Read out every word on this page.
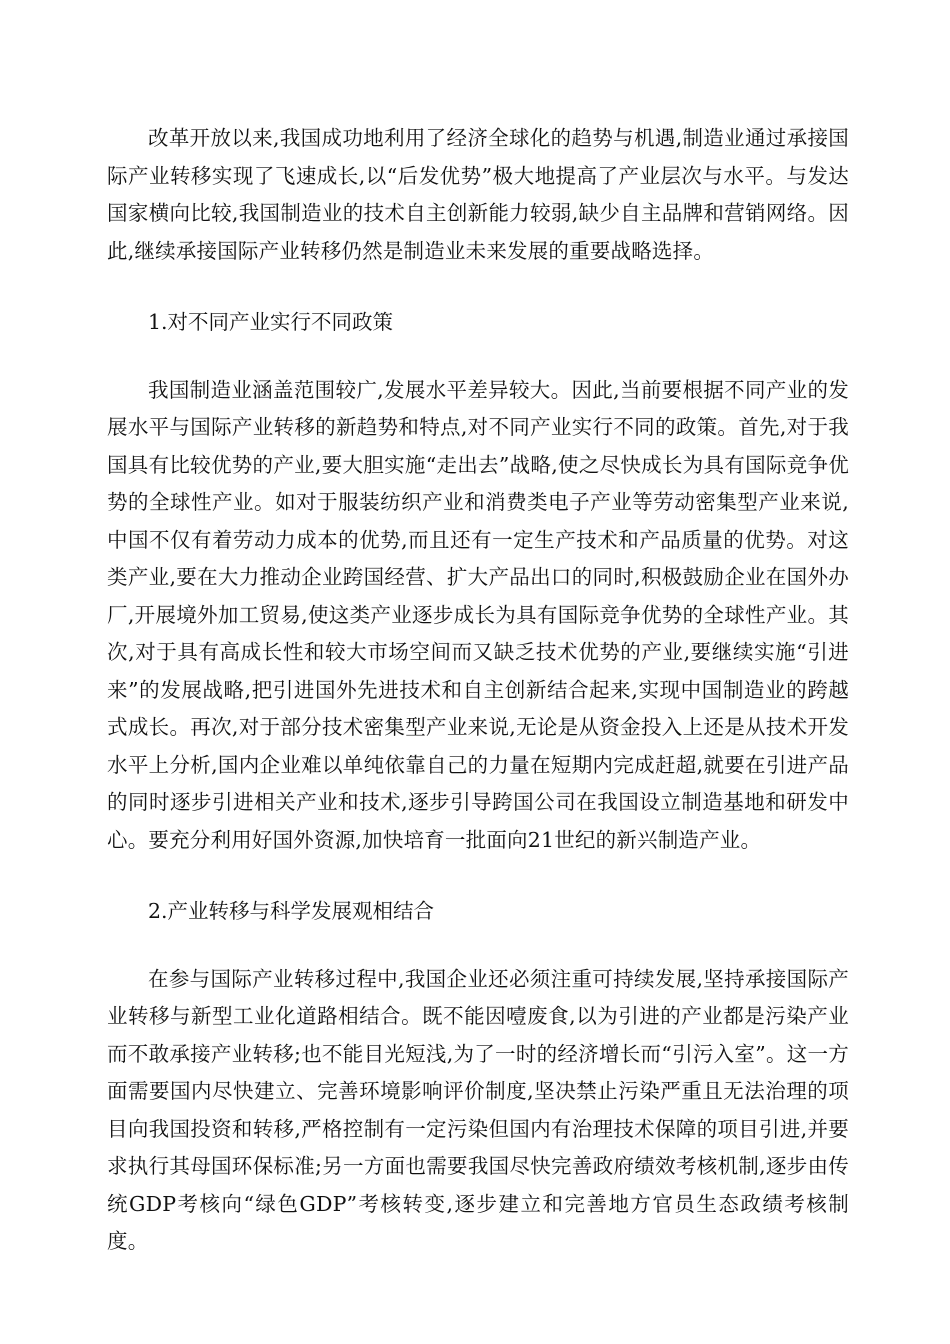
改革开放以来,我国成功地利用了经济全球化的趋势与机遇,制造业通过承接国际产业转移实现了飞速成长,以“后发优势”极大地提高了产业层次与水平。与发达国家横向比较,我国制造业的技术自主创新能力较弱,缺少自主品牌和营销网络。因此,继续承接国际产业转移仍然是制造业未来发展的重要战略选择。

1.对不同产业实行不同政策

我国制造业涵盖范围较广,发展水平差异较大。因此,当前要根据不同产业的发展水平与国际产业转移的新趋势和特点,对不同产业实行不同的政策。首先,对于我国具有比较优势的产业,要大胆实施“走出去”战略,使之尽快成长为具有国际竞争优势的全球性产业。如对于服装纺织产业和消费类电子产业等劳动密集型产业来说,中国不仅有着劳动力成本的优势,而且还有一定生产技术和产品质量的优势。对这类产业,要在大力推动企业跨国经营、扩大产品出口的同时,积极鼓励企业在国外办厂,开展境外加工贸易,使这类产业逐步成长为具有国际竞争优势的全球性产业。其次,对于具有高成长性和较大市场空间而又缺乏技术优势的产业,要继续实施“引进来”的发展战略,把引进国外先进技术和自主创新结合起来,实现中国制造业的跨越式成长。再次,对于部分技术密集型产业来说,无论是从资金投入上还是从技术开发水平上分析,国内企业难以单纯依靠自己的力量在短期内完成赶超,就要在引进产品的同时逐步引进相关产业和技术,逐步引导跨国公司在我国设立制造基地和研发中心。要充分利用好国外资源,加快培育一批面向21世纪的新兴制造产业。

2.产业转移与科学发展观相结合

在参与国际产业转移过程中,我国企业还必须注重可持续发展,坚持承接国际产业转移与新型工业化道路相结合。既不能因噎废食,以为引进的产业都是污染产业而不敢承接产业转移;也不能目光短浅,为了一时的经济增长而“引污入室”。这一方面需要国内尽快建立、完善环境影响评价制度,坚决禁止污染严重且无法治理的项目向我国投资和转移,严格控制有一定污染但国内有治理技术保障的项目引进,并要求执行其母国环保标准;另一方面也需要我国尽快完善政府绩效考核机制,逐步由传统GDP考核向“绿色GDP”考核转变,逐步建立和完善地方官员生态政绩考核制度。
